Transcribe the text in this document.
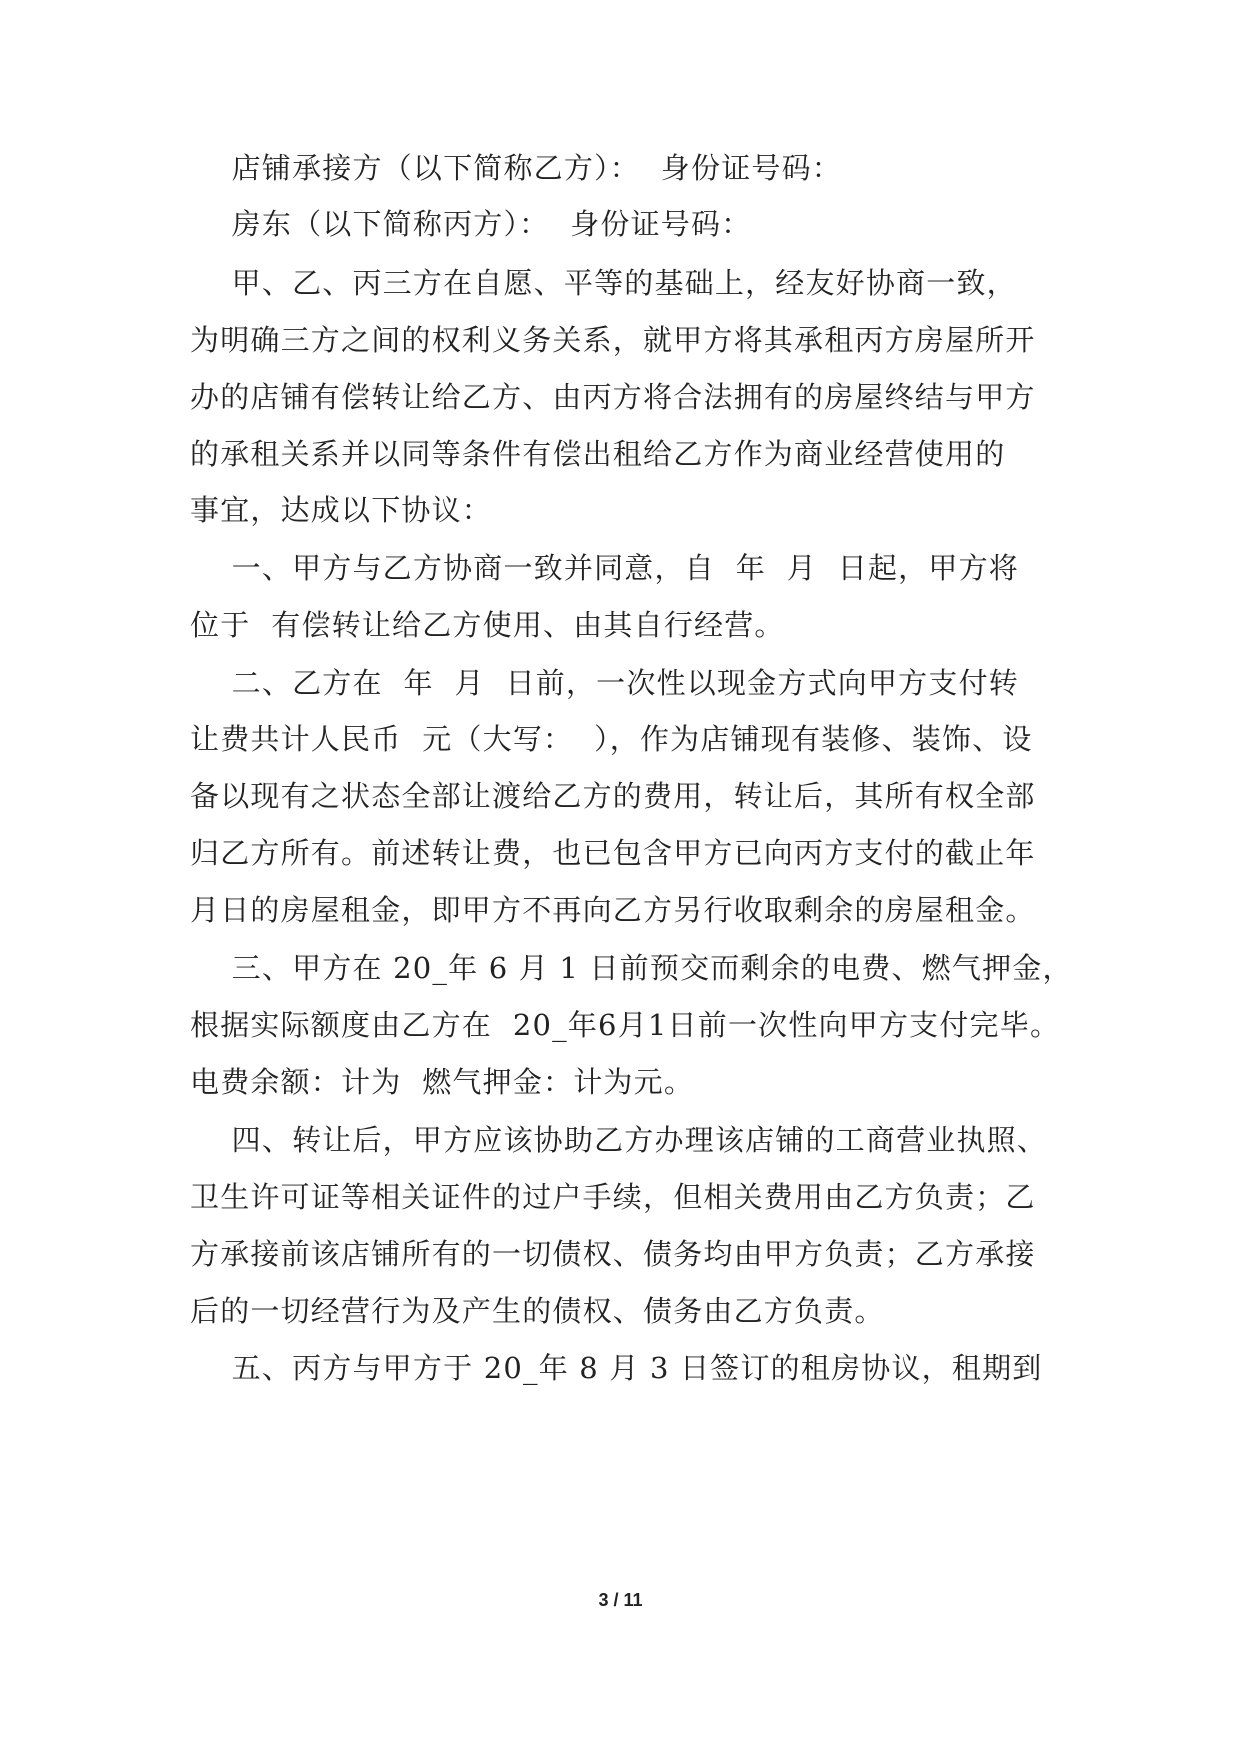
店铺承接方（以下简称乙方）：  身份证号码：
房东（以下简称丙方）：  身份证号码：
甲、乙、丙三方在自愿、平等的基础上，经友好协商一致，
为明确三方之间的权利义务关系，就甲方将其承租丙方房屋所开
办的店铺有偿转让给乙方、由丙方将合法拥有的房屋终结与甲方
的承租关系并以同等条件有偿出租给乙方作为商业经营使用的
事宜，达成以下协议：
一、甲方与乙方协商一致并同意，自  年  月  日起，甲方将
位于  有偿转让给乙方使用、由其自行经营。
二、乙方在  年  月  日前，一次性以现金方式向甲方支付转
让费共计人民币  元（大写：  ），作为店铺现有装修、装饰、设
备以现有之状态全部让渡给乙方的费用，转让后，其所有权全部
归乙方所有。前述转让费，也已包含甲方已向丙方支付的截止年
月日的房屋租金，即甲方不再向乙方另行收取剩余的房屋租金。
三、甲方在 20_年 6 月 1 日前预交而剩余的电费、燃气押金，
根据实际额度由乙方在  20_年6月1日前一次性向甲方支付完毕。
电费余额：计为  燃气押金：计为元。
四、转让后，甲方应该协助乙方办理该店铺的工商营业执照、
卫生许可证等相关证件的过户手续，但相关费用由乙方负责；乙
方承接前该店铺所有的一切债权、债务均由甲方负责；乙方承接
后的一切经营行为及产生的债权、债务由乙方负责。
五、丙方与甲方于 20_年 8 月 3 日签订的租房协议，租期到
3 / 11
